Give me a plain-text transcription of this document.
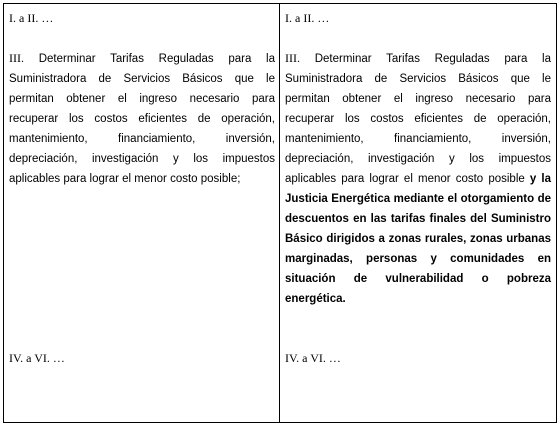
I. a II. …

III. Determinar Tarifas Reguladas para la Suministradora de Servicios Básicos que le permitan obtener el ingreso necesario para recuperar los costos eficientes de operación, mantenimiento, financiamiento, inversión, depreciación, investigación y los impuestos aplicables para lograr el menor costo posible;

IV. a VI. …

I. a II. …

III. Determinar Tarifas Reguladas para la Suministradora de Servicios Básicos que le permitan obtener el ingreso necesario para recuperar los costos eficientes de operación, mantenimiento, financiamiento, inversión, depreciación, investigación y los impuestos aplicables para lograr el menor costo posible y la Justicia Energética mediante el otorgamiento de descuentos en las tarifas finales del Suministro Básico dirigidos a zonas rurales, zonas urbanas marginadas, personas y comunidades en situación de vulnerabilidad o pobreza energética.

IV. a VI. …
